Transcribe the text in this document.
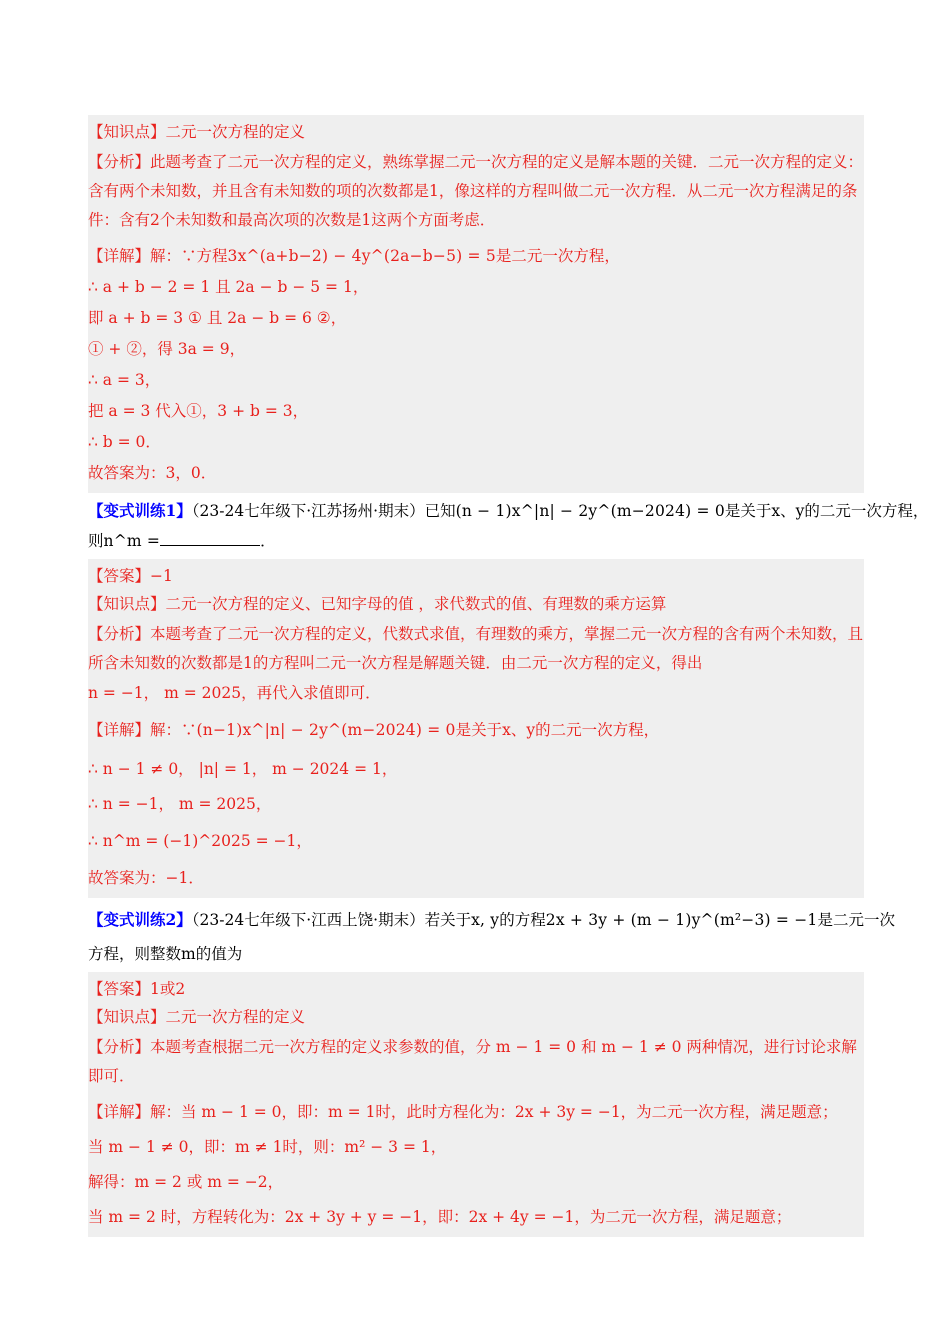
【知识点】二元一次方程的定义
【分析】此题考查了二元一次方程的定义，熟练掌握二元一次方程的定义是解本题的关键．二元一次方程的定义：含有两个未知数，并且含有未知数的项的次数都是1，像这样的方程叫做二元一次方程．从二元一次方程满足的条件：含有2个未知数和最高次项的次数是1这两个方面考虑．
【详解】解：∵方程3x^(a+b−2) − 4y^(2a−b−5) = 5是二元一次方程，
∴ a + b − 2 = 1 且 2a − b − 5 = 1，
即 a + b = 3 ① 且 2a − b = 6 ②，
① + ②，得 3a = 9，
∴ a = 3，
把 a = 3 代入①，3 + b = 3，
∴ b = 0．
故答案为：3，0．
【变式训练1】（23-24七年级下·江苏扬州·期末）已知(n − 1)x^|n| − 2y^(m−2024) = 0是关于x、y的二元一次方程，
则n^m =	．
【答案】−1
【知识点】二元一次方程的定义、已知字母的值 ，求代数式的值、有理数的乘方运算
【分析】本题考查了二元一次方程的定义，代数式求值，有理数的乘方，掌握二元一次方程的含有两个未知数，且所含未知数的次数都是1的方程叫二元一次方程是解题关键．由二元一次方程的定义，得出
n = −1， m = 2025，再代入求值即可．
【详解】解：∵(n−1)x^|n| − 2y^(m−2024) = 0是关于x、y的二元一次方程，
∴ n − 1 ≠ 0， |n| = 1， m − 2024 = 1，
∴ n = −1， m = 2025，
∴ n^m = (−1)^2025 = −1，
故答案为：−1．
【变式训练2】（23-24七年级下·江西上饶·期末）若关于x, y的方程2x + 3y + (m − 1)y^(m²−3) = −1是二元一次
方程，则整数m的值为
【答案】1或2
【知识点】二元一次方程的定义
【分析】本题考查根据二元一次方程的定义求参数的值，分 m − 1 = 0 和 m − 1 ≠ 0 两种情况，进行讨论求解即可．
【详解】解：当 m − 1 = 0，即：m = 1时，此时方程化为：2x + 3y = −1，为二元一次方程，满足题意；
当 m − 1 ≠ 0，即：m ≠ 1时，则：m² − 3 = 1，
解得：m = 2 或 m = −2，
当 m = 2 时，方程转化为：2x + 3y + y = −1，即：2x + 4y = −1，为二元一次方程，满足题意；
